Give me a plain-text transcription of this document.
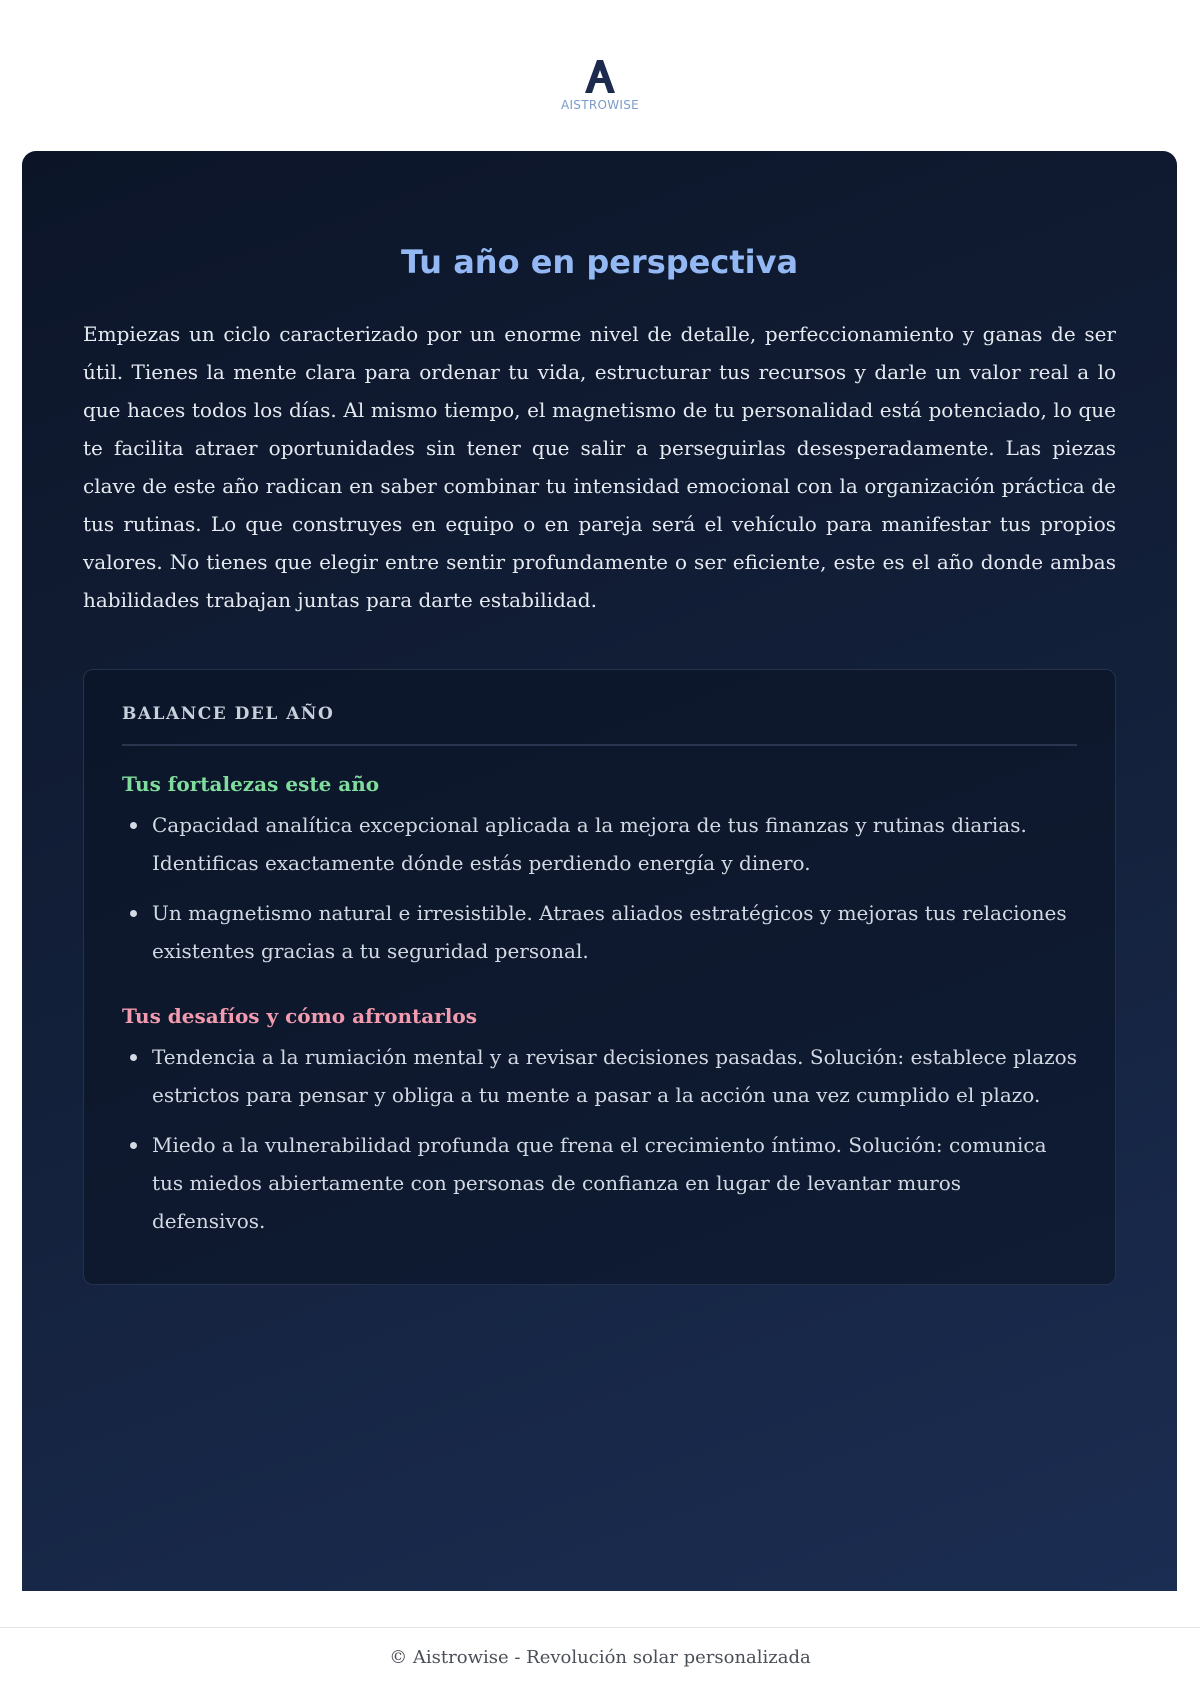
AISTROWISE
Tu año en perspectiva

Empiezas un ciclo caracterizado por un enorme nivel de detalle, perfeccionamiento y ganas de ser útil. Tienes la mente clara para ordenar tu vida, estructurar tus recursos y darle un valor real a lo que haces todos los días. Al mismo tiempo, el magnetismo de tu personalidad está potenciado, lo que te facilita atraer oportunidades sin tener que salir a perseguirlas desesperadamente. Las piezas clave de este año radican en saber combinar tu intensidad emocional con la organización práctica de tus rutinas. Lo que construyes en equipo o en pareja será el vehículo para manifestar tus propios valores. No tienes que elegir entre sentir profundamente o ser eficiente, este es el año donde ambas habilidades trabajan juntas para darte estabilidad.

BALANCE DEL AÑO
Tus fortalezas este año
Capacidad analítica excepcional aplicada a la mejora de tus finanzas y rutinas diarias. Identificas exactamente dónde estás perdiendo energía y dinero.
Un magnetismo natural e irresistible. Atraes aliados estratégicos y mejoras tus relaciones existentes gracias a tu seguridad personal.
Tus desafíos y cómo afrontarlos
Tendencia a la rumiación mental y a revisar decisiones pasadas. Solución: establece plazos estrictos para pensar y obliga a tu mente a pasar a la acción una vez cumplido el plazo.
Miedo a la vulnerabilidad profunda que frena el crecimiento íntimo. Solución: comunica tus miedos abiertamente con personas de confianza en lugar de levantar muros defensivos.
© Aistrowise - Revolución solar personalizada
